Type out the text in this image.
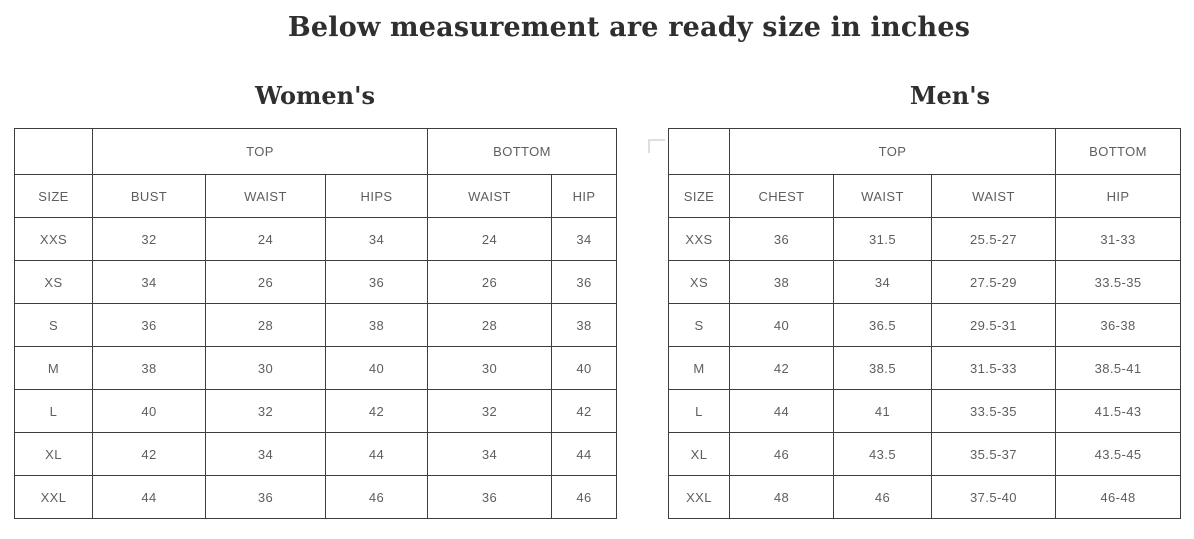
Below measurement are ready size in inches
Women's
	TOP			BOTTOM	
SIZE	BUST	WAIST	HIPS	WAIST	HIP
XXS	32	24	34	24	34
XS	34	26	36	26	36
S	36	28	38	28	38
M	38	30	40	30	40
L	40	32	42	32	42
XL	42	34	44	34	44
XXL	44	36	46	36	46
Men's
	TOP			BOTTOM
SIZE	CHEST	WAIST	WAIST	HIP
XXS	36	31.5	25.5-27	31-33
XS	38	34	27.5-29	33.5-35
S	40	36.5	29.5-31	36-38
M	42	38.5	31.5-33	38.5-41
L	44	41	33.5-35	41.5-43
XL	46	43.5	35.5-37	43.5-45
XXL	48	46	37.5-40	46-48
